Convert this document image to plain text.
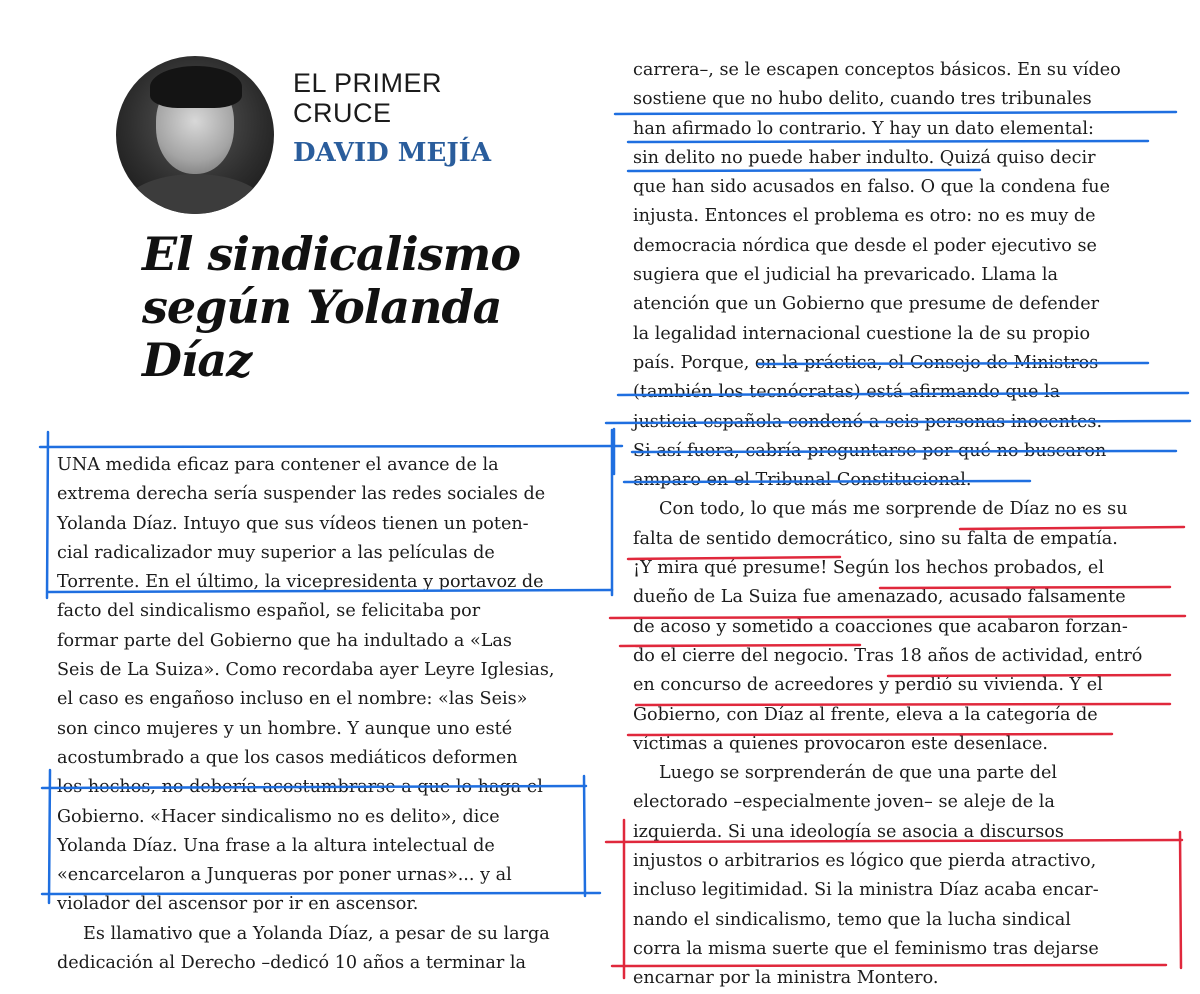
EL PRIMER CRUCE
DAVID MEJÍA
El sindicalismo según Yolanda Díaz

UNA medida eficaz para contener el avance de la

extrema derecha sería suspender las redes sociales de

Yolanda Díaz. Intuyo que sus vídeos tienen un poten-

cial radicalizador muy superior a las películas de

Torrente. En el último, la vicepresidenta y portavoz de

facto del sindicalismo español, se felicitaba por

formar parte del Gobierno que ha indultado a «Las

Seis de La Suiza». Como recordaba ayer Leyre Iglesias,

el caso es engañoso incluso en el nombre: «las Seis»

son cinco mujeres y un hombre. Y aunque uno esté

acostumbrado a que los casos mediáticos deformen

los hechos, no debería acostumbrarse a que lo haga el

Gobierno. «Hacer sindicalismo no es delito», dice

Yolanda Díaz. Una frase a la altura intelectual de

«encarcelaron a Junqueras por poner urnas»... y al

violador del ascensor por ir en ascensor.

Es llamativo que a Yolanda Díaz, a pesar de su larga

dedicación al Derecho –dedicó 10 años a terminar la

carrera–, se le escapen conceptos básicos. En su vídeo

sostiene que no hubo delito, cuando tres tribunales

han afirmado lo contrario. Y hay un dato elemental:

sin delito no puede haber indulto. Quizá quiso decir

que han sido acusados en falso. O que la condena fue

injusta. Entonces el problema es otro: no es muy de

democracia nórdica que desde el poder ejecutivo se

sugiera que el judicial ha prevaricado. Llama la

atención que un Gobierno que presume de defender

la legalidad internacional cuestione la de su propio

país. Porque, en la práctica, el Consejo de Ministros

(también los tecnócratas) está afirmando que la

justicia española condenó a seis personas inocentes.

Si así fuera, cabría preguntarse por qué no buscaron

amparo en el Tribunal Constitucional.

Con todo, lo que más me sorprende de Díaz no es su

falta de sentido democrático, sino su falta de empatía.

¡Y mira qué presume! Según los hechos probados, el

dueño de La Suiza fue amenazado, acusado falsamente

de acoso y sometido a coacciones que acabaron forzan-

do el cierre del negocio. Tras 18 años de actividad, entró

en concurso de acreedores y perdió su vivienda. Y el

Gobierno, con Díaz al frente, eleva a la categoría de

víctimas a quienes provocaron este desenlace.

Luego se sorprenderán de que una parte del

electorado –especialmente joven– se aleje de la

izquierda. Si una ideología se asocia a discursos

injustos o arbitrarios es lógico que pierda atractivo,

incluso legitimidad. Si la ministra Díaz acaba encar-

nando el sindicalismo, temo que la lucha sindical

corra la misma suerte que el feminismo tras dejarse

encarnar por la ministra Montero.
